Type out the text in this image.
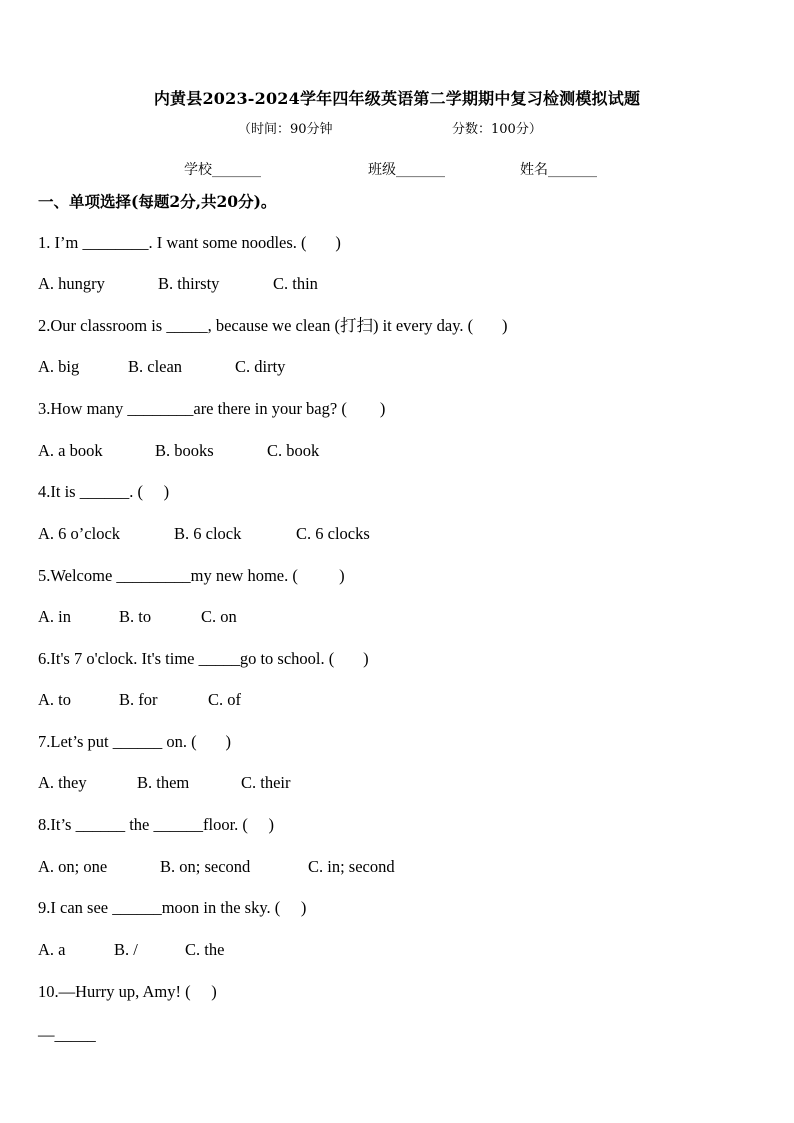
内黄县2023-2024学年四年级英语第二学期期中复习检测模拟试题
（时间：90分钟	分数：100分）
学校_______	班级_______	姓名_______
一、单项选择(每题2分,共20分)。
1. I’m ________. I want some noodles. (       )
A. hungry	B. thirsty	C. thin
2.Our classroom is _____, because we clean (打扫) it every day. (       )
A. big	B. clean	C. dirty
3.How many ________are there in your bag? (        )
A. a book	B. books	C. book
4.It is ______. (     )
A. 6 o’clock	B. 6 clock	C. 6 clocks
5.Welcome _________my new home. (          )
A. in	B. to	C. on
6.It's 7 o'clock. It's time _____go to school. (       )
A. to	B. for	C. of
7.Let’s put ______ on. (       )
A. they	B. them	C. their
8.It’s ______ the ______floor. (     )
A. on; one	B. on; second	C. in; second
9.I can see ______moon in the sky. (     )
A. a	B. /	C. the
10.—Hurry up, Amy! (     )
—_____
